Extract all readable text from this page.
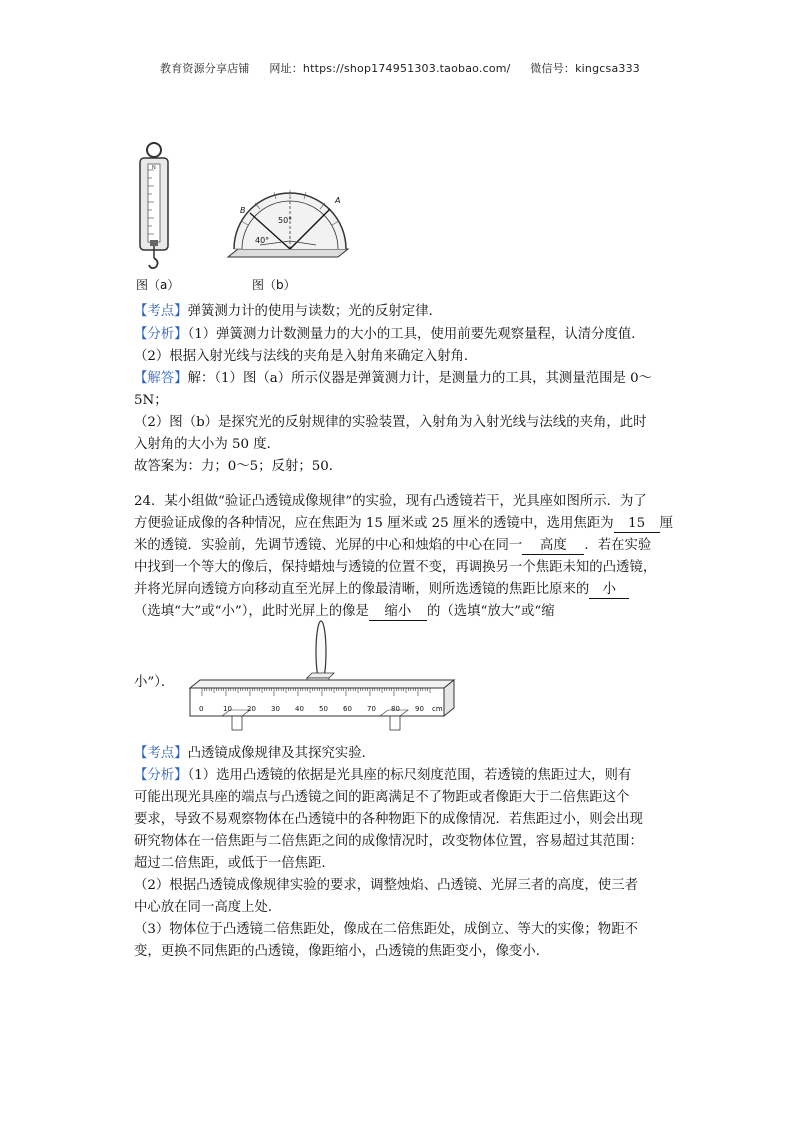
教育资源分享店铺 网址：https://shop174951303.taobao.com/ 微信号：kingcsa333
N
图（a）
50°
40°
B
A
图（b）
【考点】弹簧测力计的使用与读数；光的反射定律．
【分析】（1）弹簧测力计数测量力的大小的工具，使用前要先观察量程，认清分度值．
（2）根据入射光线与法线的夹角是入射角来确定入射角．
【解答】解：（1）图（a）所示仪器是弹簧测力计，是测量力的工具，其测量范围是 0～
5N；
（2）图（b）是探究光的反射规律的实验装置，入射角为入射光线与法线的夹角，此时
入射角的大小为 50 度．
故答案为：力；0～5；反射；50．
24．某小组做“验证凸透镜成像规律”的实验，现有凸透镜若干，光具座如图所示．为了
方便验证成像的各种情况，应在焦距为 15 厘米或 25 厘米的透镜中，选用焦距为 15 厘
米的透镜．实验前，先调节透镜、光屏的中心和烛焰的中心在同一 高度 ．若在实验
中找到一个等大的像后，保持蜡烛与透镜的位置不变，再调换另一个焦距未知的凸透镜，
并将光屏向透镜方向移动直至光屏上的像最清晰，则所选透镜的焦距比原来的 小
（选填“大”或“小”），此时光屏上的像是 缩小 的（选填“放大”或“缩
小”）．
0	10 20 30 40 50 60 70 80 90 cm
【考点】凸透镜成像规律及其探究实验．
【分析】（1）选用凸透镜的依据是光具座的标尺刻度范围，若透镜的焦距过大，则有
可能出现光具座的端点与凸透镜之间的距离满足不了物距或者像距大于二倍焦距这个
要求，导致不易观察物体在凸透镜中的各种物距下的成像情况．若焦距过小，则会出现
研究物体在一倍焦距与二倍焦距之间的成像情况时，改变物体位置，容易超过其范围：
超过二倍焦距，或低于一倍焦距．
（2）根据凸透镜成像规律实验的要求，调整烛焰、凸透镜、光屏三者的高度，使三者
中心放在同一高度上处．
（3）物体位于凸透镜二倍焦距处，像成在二倍焦距处，成倒立、等大的实像；物距不
变，更换不同焦距的凸透镜，像距缩小，凸透镜的焦距变小，像变小．
